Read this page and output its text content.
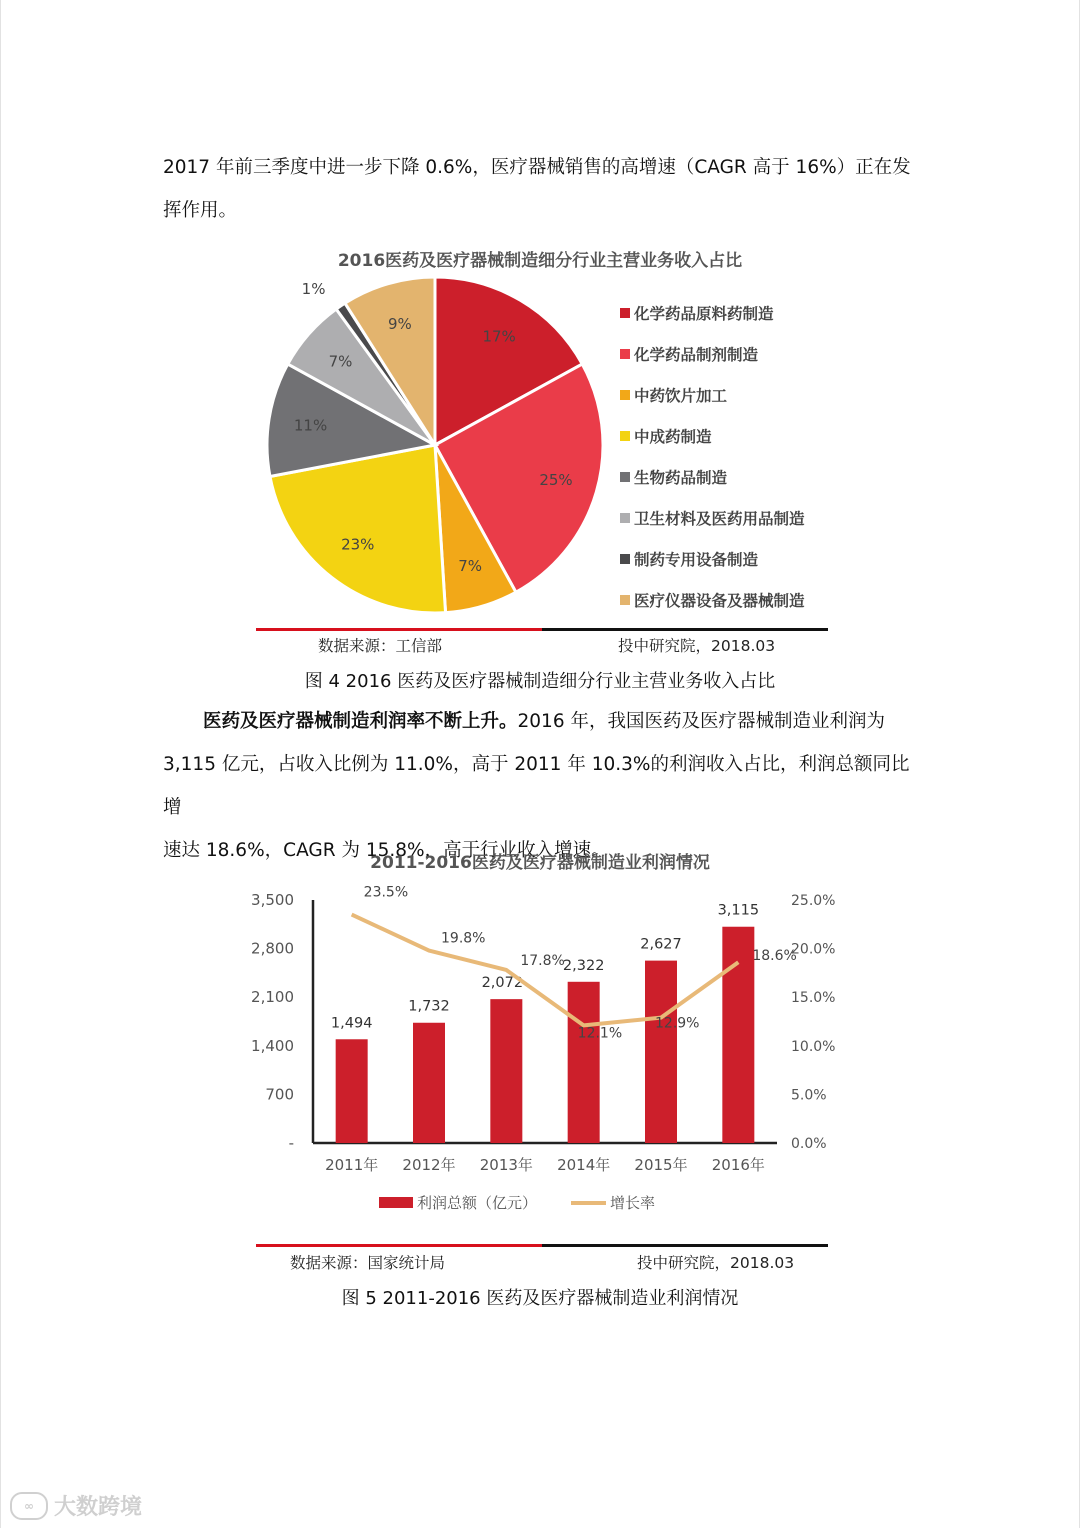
2017 年前三季度中进一步下降 0.6%，医疗器械销售的高增速（CAGR 高于 16%）正在发
挥作用。

2016医药及医疗器械制造细分行业主营业务收入占比
17%
25%
7%
23%
11%
7%
1%
9%
化学药品原料药制造
化学药品制剂制造
中药饮片加工
中成药制造
生物药品制造
卫生材料及医药用品制造
制药专用设备制造
医疗仪器设备及器械制造
数据来源：工信部	投中研究院，2018.03
图 4 2016 医药及医疗器械制造细分行业主营业务收入占比

医药及医疗器械制造利润率不断上升。2016 年，我国医药及医疗器械制造业利润为
3,115 亿元，占收入比例为 11.0%，高于 2011 年 10.3%的利润收入占比，利润总额同比增
速达 18.6%，CAGR 为 15.8%，高于行业收入增速。

2011-2016医药及医疗器械制造业利润情况
-
700
1,400
2,100
2,800
3,500
0.0%
5.0%
10.0%
15.0%
20.0%
25.0%
1,494
1,732
2,072
2,322
2,627
3,115
2011年 2012年 2013年 2014年 2015年 2016年
23.5%
19.8%
17.8%
12.1%
12.9%
18.6%
利润总额（亿元）	增长率
数据来源：国家统计局	投中研究院，2018.03
图 5 2011-2016 医药及医疗器械制造业利润情况
∞ 大数跨境
